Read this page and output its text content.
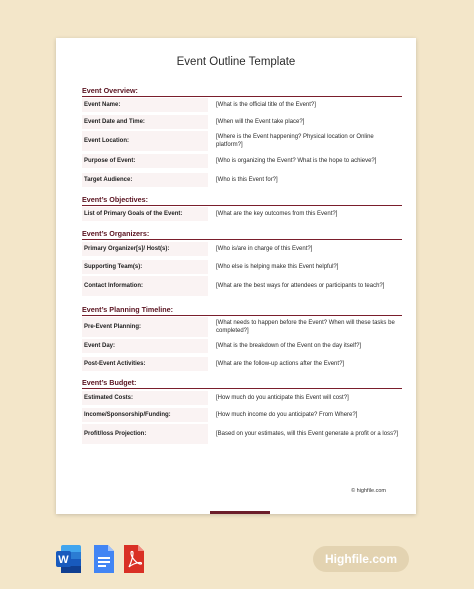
Event Outline Template
Event Overview:
Event Name:	[What is the official title of the Event?]
Event Date and Time:	[When will the Event take place?]
Event Location:
[Where is the Event happening? Physical location or Online platform?]
Purpose of Event:	[Who is organizing the Event? What is the hope to achieve?]
Target Audience:	[Who is this Event for?]
Event’s Objectives:
List of Primary Goals of the Event:	[What are the key outcomes from this Event?]
Event’s Organizers:
Primary Organizer[s]/ Host(s):	[Who is/are in charge of this Event?]
Supporting Team(s):	[Who else is helping make this Event helpful?]
Contact Information:	[What are the best ways for attendees or participants to teach?]
Event’s Planning Timeline:
Pre-Event Planning:
[What needs to happen before the Event? When will these tasks be completed?]
Event Day:	[What is the breakdown of the Event on the day itself?]
Post-Event Activities:	[What are the follow-up actions after the Event?]
Event’s Budget:
Estimated Costs:	[How much do you anticipate this Event will cost?]
Income/Sponsorship/Funding:	[How much income do you anticipate? From Where?]
Profit/loss Projection:	[Based on your estimates, will this Event generate a profit or a loss?]
© highfile.com
W	Highfile.com
